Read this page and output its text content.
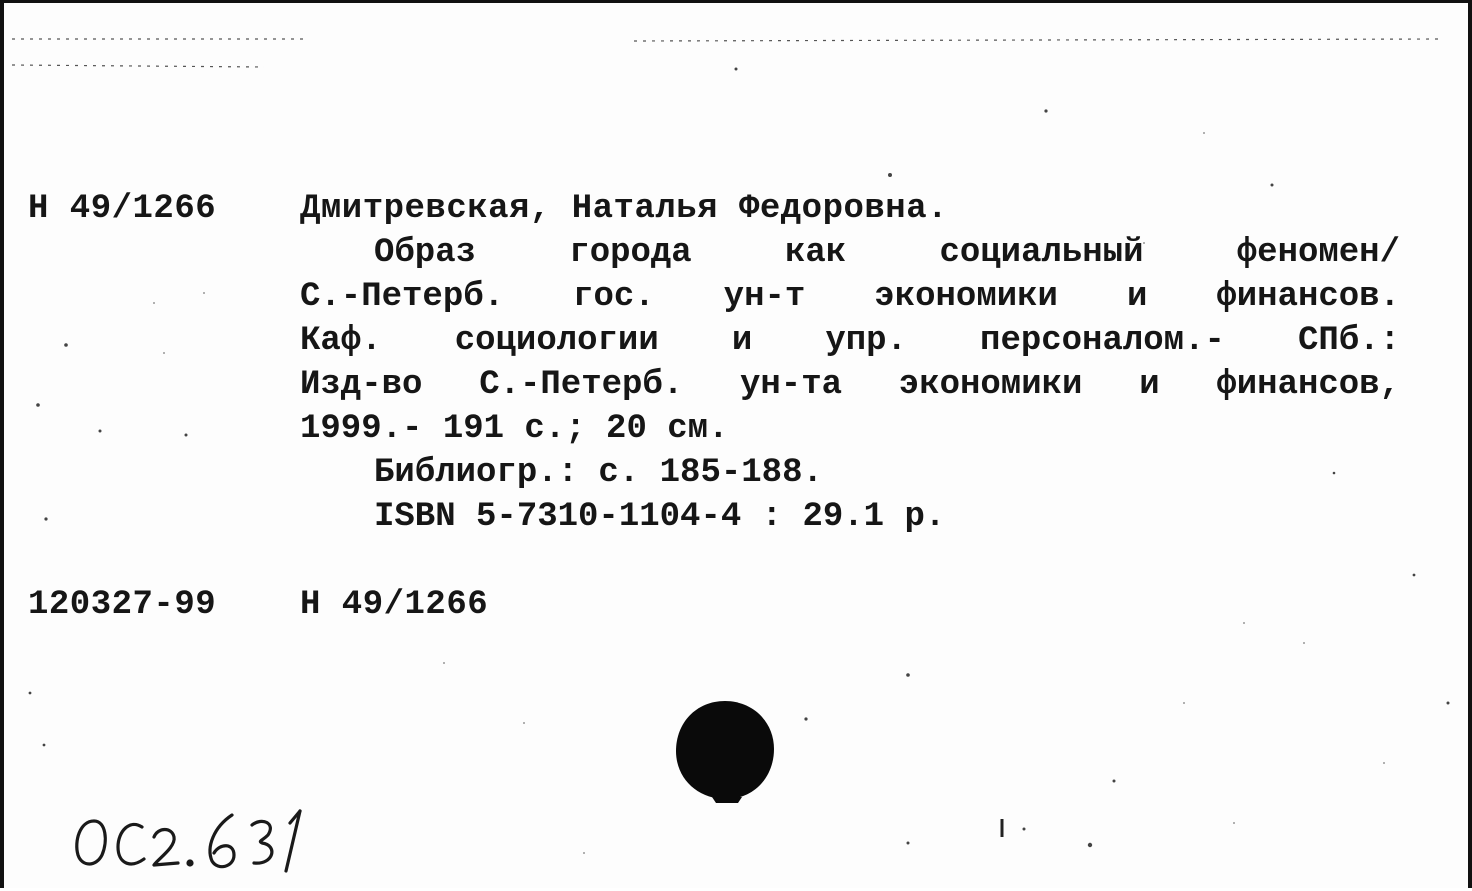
Н 49/1266 Дмитревская, Наталья Федоровна.
Образ города как социальный феномен/
С.-Петерб. гос. ун-т экономики и финансов.
Каф. социологии и упр. персоналом.- СПб.:
Изд-во С.-Петерб. ун-та экономики и финансов,
1999.- 191 с.; 20 см.
Библиогр.: с. 185-188.
ISBN 5-7310-1104-4 : 29.1 р.
120327-99 Н 49/1266
